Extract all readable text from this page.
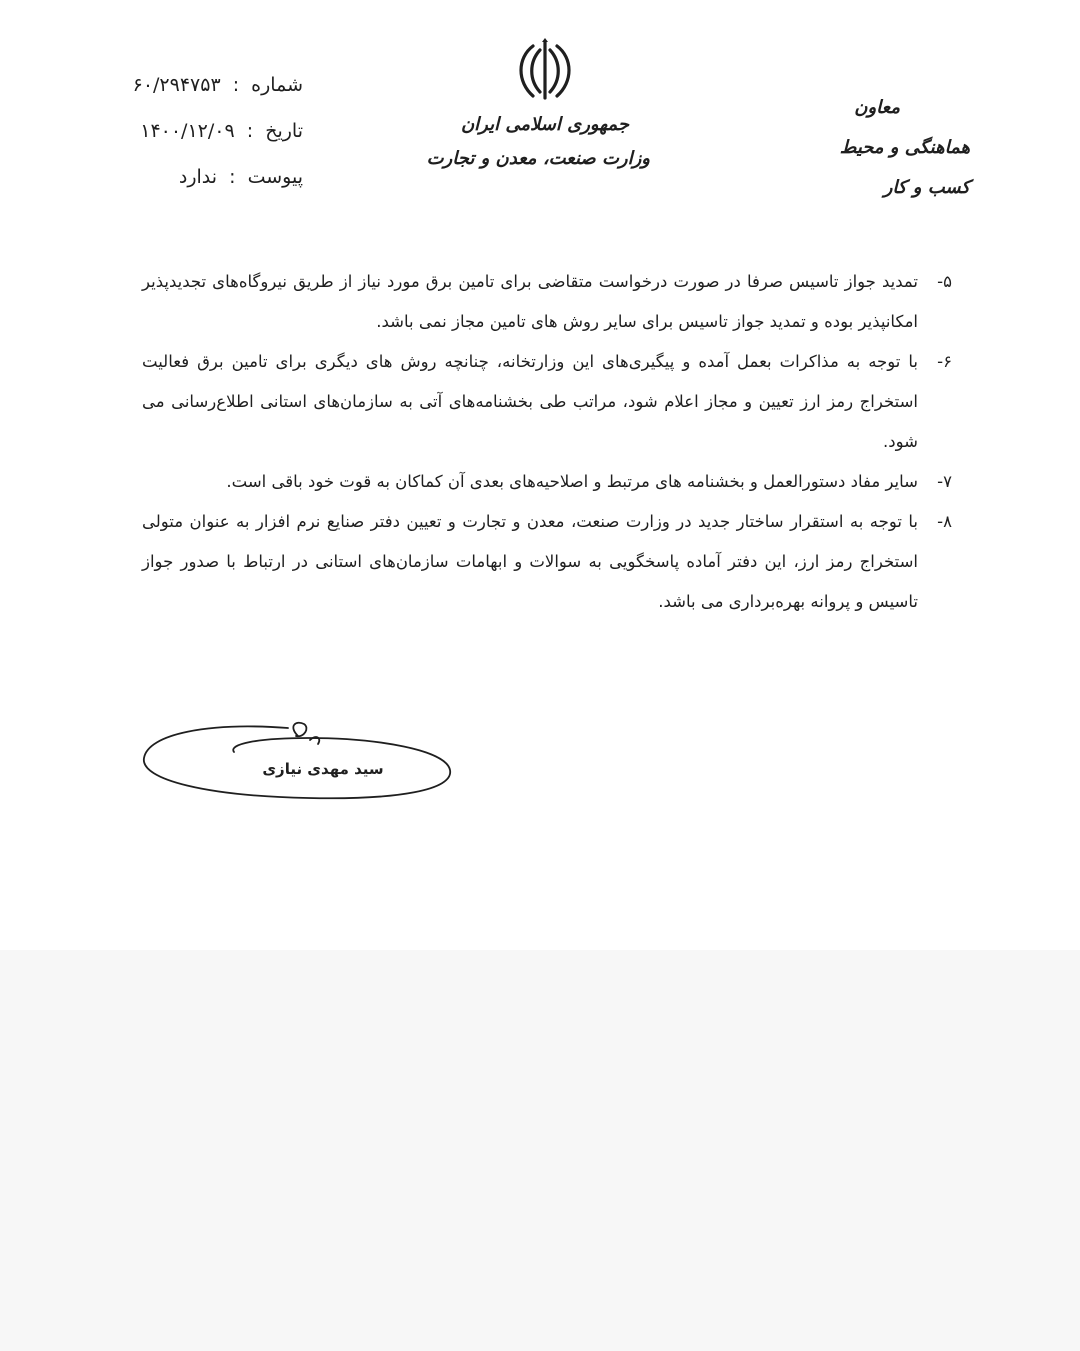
شماره : ۶۰/۲۹۴۷۵۳
تاریخ : ۱۴۰۰/۱۲/۰۹
پیوست : ندارد
جمهوری اسلامی ایران
وزارت صنعت، معدن و تجارت
معاون
هماهنگی و محیط کسب و کار
۵-
تمدید جواز تاسیس صرفا در صورت درخواست متقاضی برای تامین برق مورد نیاز از طریق نیروگاه‌های تجدیدپذیر امکانپذیر بوده و تمدید جواز تاسیس برای سایر روش های تامین مجاز نمی باشد.
۶-
با توجه به مذاکرات بعمل آمده و پیگیری‌های این وزارتخانه، چنانچه روش های دیگری برای تامین برق فعالیت استخراج رمز ارز تعیین و مجاز اعلام شود، مراتب طی بخشنامه‌های آتی به سازمان‌های استانی اطلاع‌رسانی می شود.
۷-
سایر مفاد دستورالعمل و بخشنامه های مرتبط و اصلاحیه‌های بعدی آن کماکان به قوت خود باقی است.
۸-
با توجه به استقرار ساختار جدید در وزارت صنعت، معدن و تجارت و تعیین دفتر صنایع نرم افزار به عنوان متولی استخراج رمز ارز، این دفتر آماده پاسخگویی به سوالات و ابهامات سازمان‌های استانی در ارتباط با صدور جواز تاسیس و پروانه بهره‌برداری می باشد.
سید مهدی نیازی
